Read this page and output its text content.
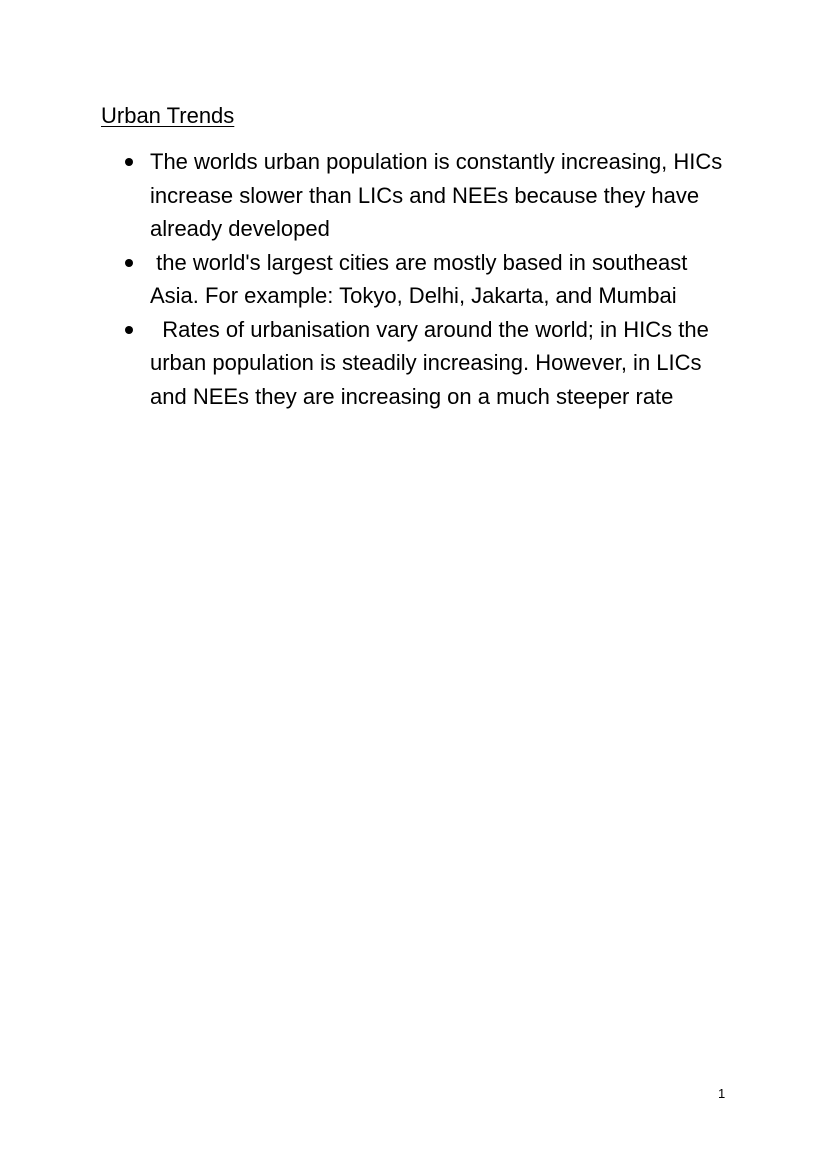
Urban Trends
The worlds urban population is constantly increasing, HICs increase slower than LICs and NEEs because they have already developed
the world's largest cities are mostly based in southeast Asia. For example: Tokyo, Delhi, Jakarta, and Mumbai
Rates of urbanisation vary around the world; in HICs the urban population is steadily increasing. However, in LICs and NEEs they are increasing on a much steeper rate
1
